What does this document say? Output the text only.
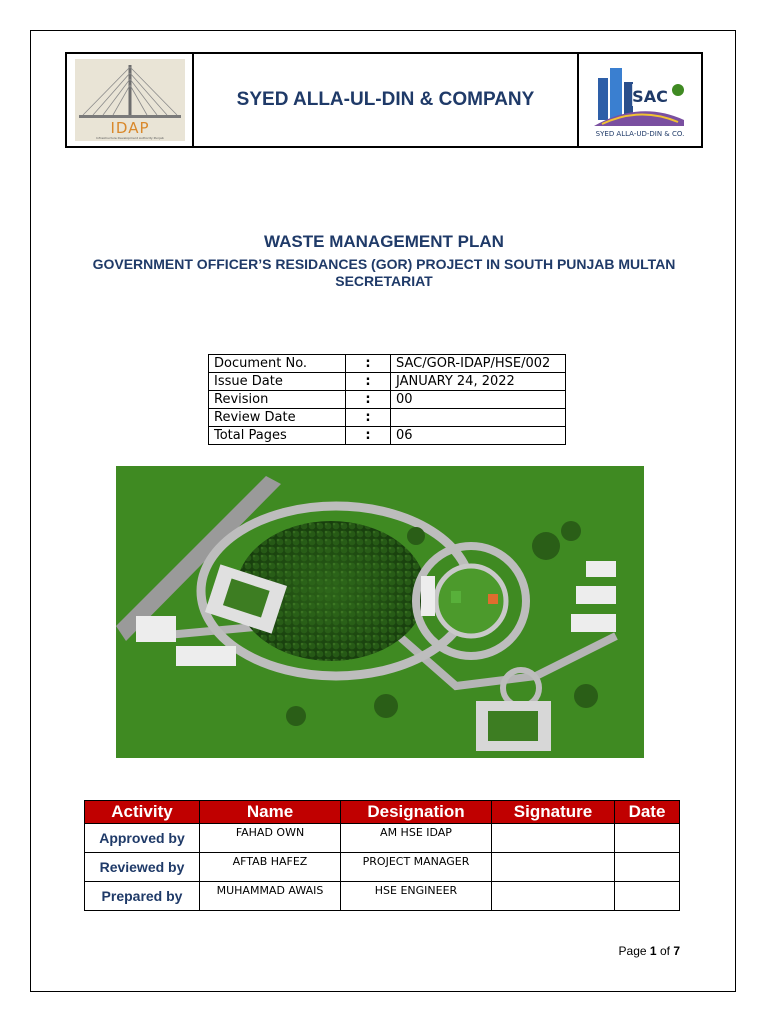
IDAP
Infrastructure Development Authority Punjab
SYED ALLA-UL-DIN & COMPANY	SAC
SYED ALLA-UD-DIN & CO.
WASTE MANAGEMENT PLAN
GOVERNMENT OFFICER’S RESIDANCES (GOR) PROJECT IN SOUTH PUNJAB MULTAN
SECRETARIAT
Document No.	:	SAC/GOR-IDAP/HSE/002
Issue Date	:	JANUARY 24, 2022
Revision	:	00
Review Date	:	
Total Pages	:	06
Activity	Name	Designation	Signature	Date
Approved by	FAHAD OWN	AM HSE IDAP		
Reviewed by	AFTAB HAFEZ	PROJECT MANAGER		
Prepared by	MUHAMMAD AWAIS	HSE ENGINEER		
Page 1 of 7
